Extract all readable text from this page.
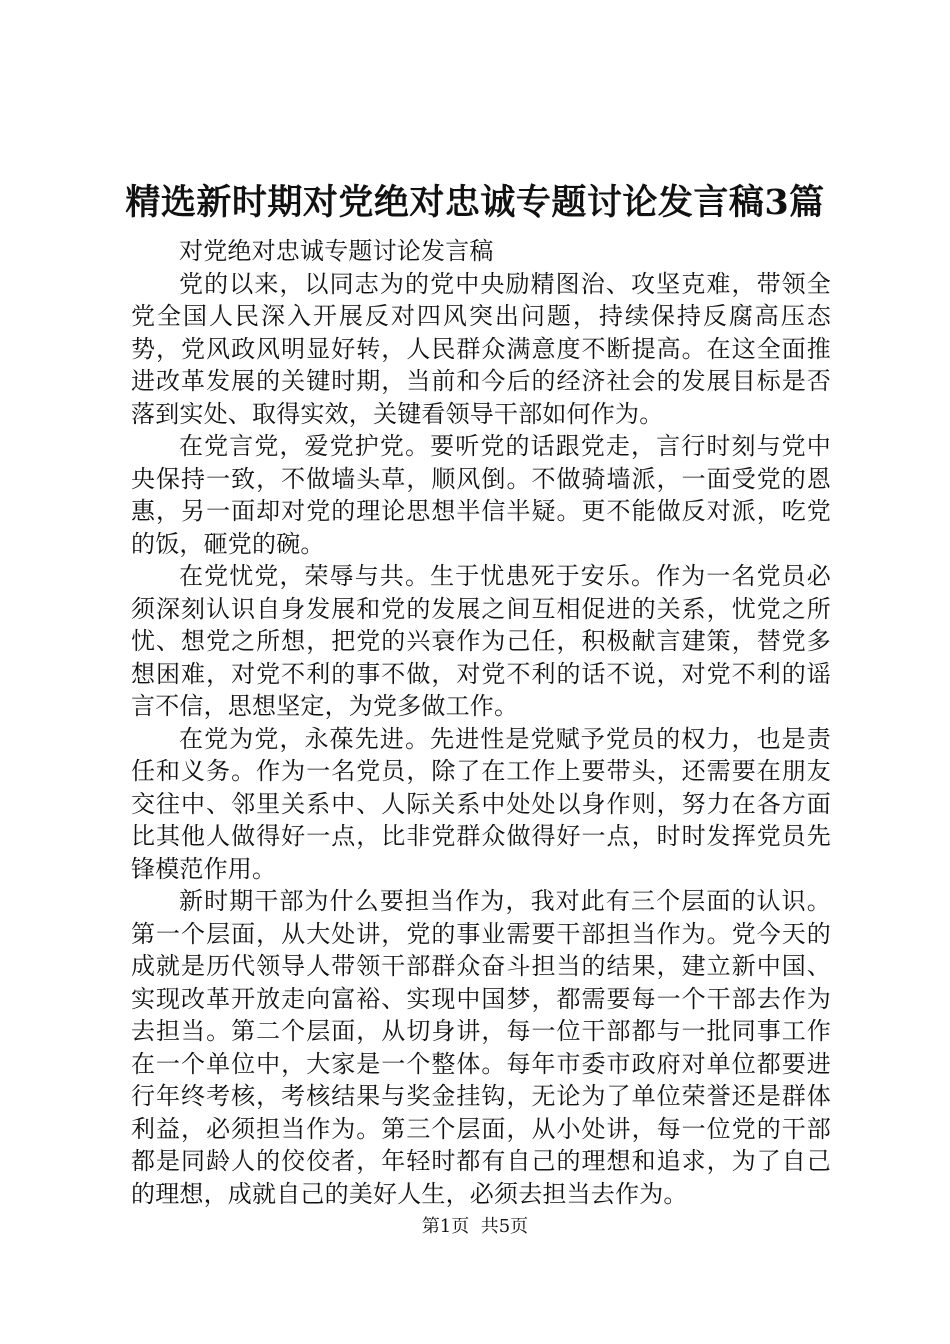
精选新时期对党绝对忠诚专题讨论发言稿3篇

对党绝对忠诚专题讨论发言稿

党的以来，以同志为的党中央励精图治、攻坚克难，带领全党全国人民深入开展反对四风突出问题，持续保持反腐高压态势，党风政风明显好转，人民群众满意度不断提高。在这全面推进改革发展的关键时期，当前和今后的经济社会的发展目标是否落到实处、取得实效，关键看领导干部如何作为。

在党言党，爱党护党。要听党的话跟党走，言行时刻与党中央保持一致，不做墙头草，顺风倒。不做骑墙派，一面受党的恩惠，另一面却对党的理论思想半信半疑。更不能做反对派，吃党的饭，砸党的碗。

在党忧党，荣辱与共。生于忧患死于安乐。作为一名党员必须深刻认识自身发展和党的发展之间互相促进的关系，忧党之所忧、想党之所想，把党的兴衰作为己任，积极献言建策，替党多想困难，对党不利的事不做，对党不利的话不说，对党不利的谣言不信，思想坚定，为党多做工作。

在党为党，永葆先进。先进性是党赋予党员的权力，也是责任和义务。作为一名党员，除了在工作上要带头，还需要在朋友交往中、邻里关系中、人际关系中处处以身作则，努力在各方面比其他人做得好一点，比非党群众做得好一点，时时发挥党员先锋模范作用。

新时期干部为什么要担当作为，我对此有三个层面的认识。第一个层面，从大处讲，党的事业需要干部担当作为。党今天的成就是历代领导人带领干部群众奋斗担当的结果，建立新中国、实现改革开放走向富裕、实现中国梦，都需要每一个干部去作为去担当。第二个层面，从切身讲，每一位干部都与一批同事工作在一个单位中，大家是一个整体。每年市委市政府对单位都要进行年终考核，考核结果与奖金挂钩，无论为了单位荣誉还是群体利益，必须担当作为。第三个层面，从小处讲，每一位党的干部都是同龄人的佼佼者，年轻时都有自己的理想和追求，为了自己的理想，成就自己的美好人生，必须去担当去作为。

第1页 共5页
